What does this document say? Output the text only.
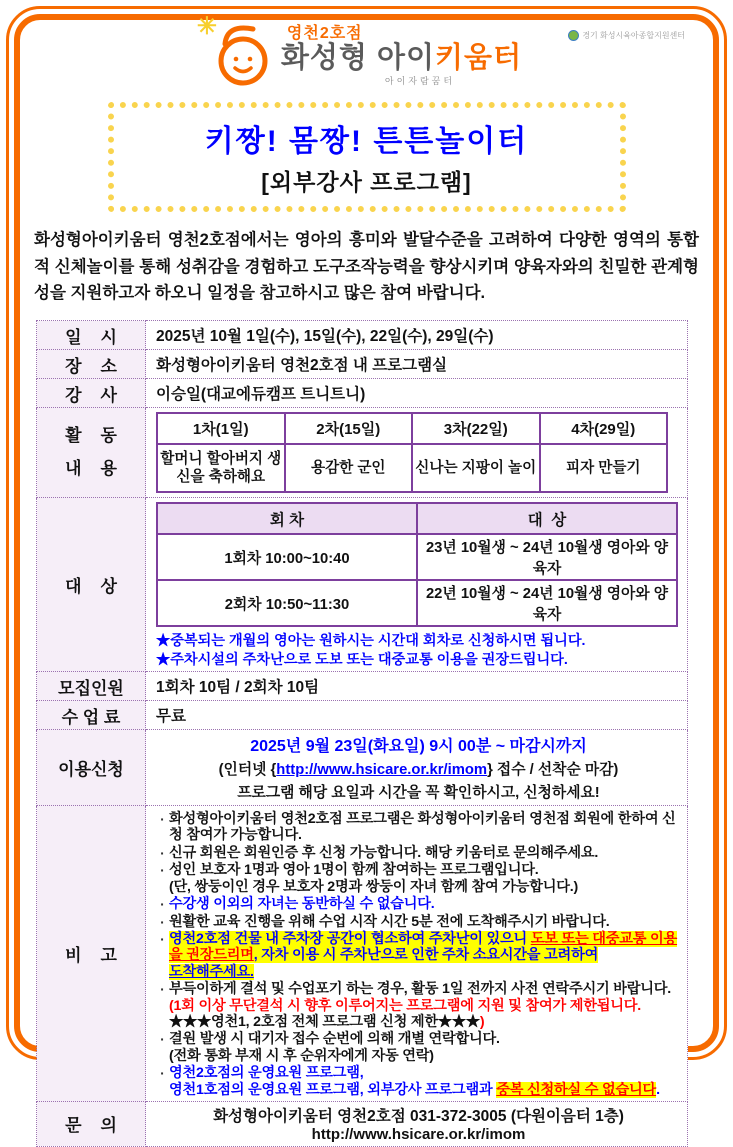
✳	영천2호점
화성형 아이키움터
아이자람꿈터
경기 화성시육아종합지원센터
키짱! 몸짱! 튼튼놀이터
[외부강사 프로그램]
화성형아이키움터 영천2호점에서는 영아의 흥미와 발달수준을 고려하여 다양한 영역의 통합적 신체놀이를 통해 성취감을 경험하고 도구조작능력을 향상시키며 양육자와의 친밀한 관계형성을 지원하고자 하오니 일정을 참고하시고 많은 참여 바랍니다.
일    시	2025년 10월 1일(수), 15일(수), 22일(수), 29일(수)
장    소	화성형아이키움터 영천2호점 내 프로그램실
강    사	이승일(대교에듀캠프 트니트니)

활    동
내    용

1차(1일)	2차(15일)	3차(22일)	4차(29일)
할머니 할아버지 생신을 축하해요	용감한 군인	신나는 지팡이 놀이	피자 만들기

대    상	
회 차	대  상
1회차 10:00~10:40	23년 10월생 ~ 24년 10월생 영아와 양육자
2회차 10:50~11:30	22년 10월생 ~ 24년 10월생 영아와 양육자
★중복되는 개월의 영아는 원하시는 시간대 회차로 신청하시면 됩니다.
★주차시설의 주차난으로 도보 또는 대중교통 이용을 권장드립니다.

모집인원	1회차 10팀 / 2회차 10팀
수 업 료	무료
이용신청	
2025년 9월 23일(화요일) 9시 00분 ~ 마감시까지
(인터넷 {http://www.hsicare.or.kr/imom} 접수 / 선착순 마감)
프로그램 해당 요일과 시간을 꼭 확인하시고, 신청하세요!

비    고	
· 화성형아이키움터 영천2호점 프로그램은 화성형아이키움터 영천점 회원에 한하여 신청 참여가 가능합니다.
· 신규 회원은 회원인증 후 신청 가능합니다. 해당 키움터로 문의해주세요.
· 성인 보호자 1명과 영아 1명이 함께 참여하는 프로그램입니다.
(단, 쌍둥이인 경우 보호자 2명과 쌍둥이 자녀 함께 참여 가능합니다.)
· 수강생 이외의 자녀는 동반하실 수 없습니다.
· 원활한 교육 진행을 위해 수업 시작 시간 5분 전에 도착해주시기 바랍니다.
· 영천2호점 건물 내 주차장 공간이 협소하여 주차난이 있으니 도보 또는 대중교통 이용을 권장드리며, 자차 이용 시 주차난으로 인한 주차 소요시간을 고려하여
도착해주세요.
· 부득이하게 결석 및 수업포기 하는 경우, 활동 1일 전까지 사전 연락주시기 바랍니다.(1회 이상 무단결석 시 향후 이루어지는 프로그램에 지원 및 참여가 제한됩니다. ★★★영천1, 2호점 전체 프로그램 신청 제한★★★)
· 결원 발생 시 대기자 접수 순번에 의해 개별 연락합니다.
(전화 통화 부재 시 후 순위자에게 자동 연락)
· 영천2호점의 운영요원 프로그램,
영천1호점의 운영요원 프로그램, 외부강사 프로그램과 중복 신청하실 수 없습니다.

문    의	화성형아이키움터 영천2호점 031-372-3005 (다원이음터 1층)
http://www.hsicare.or.kr/imom
